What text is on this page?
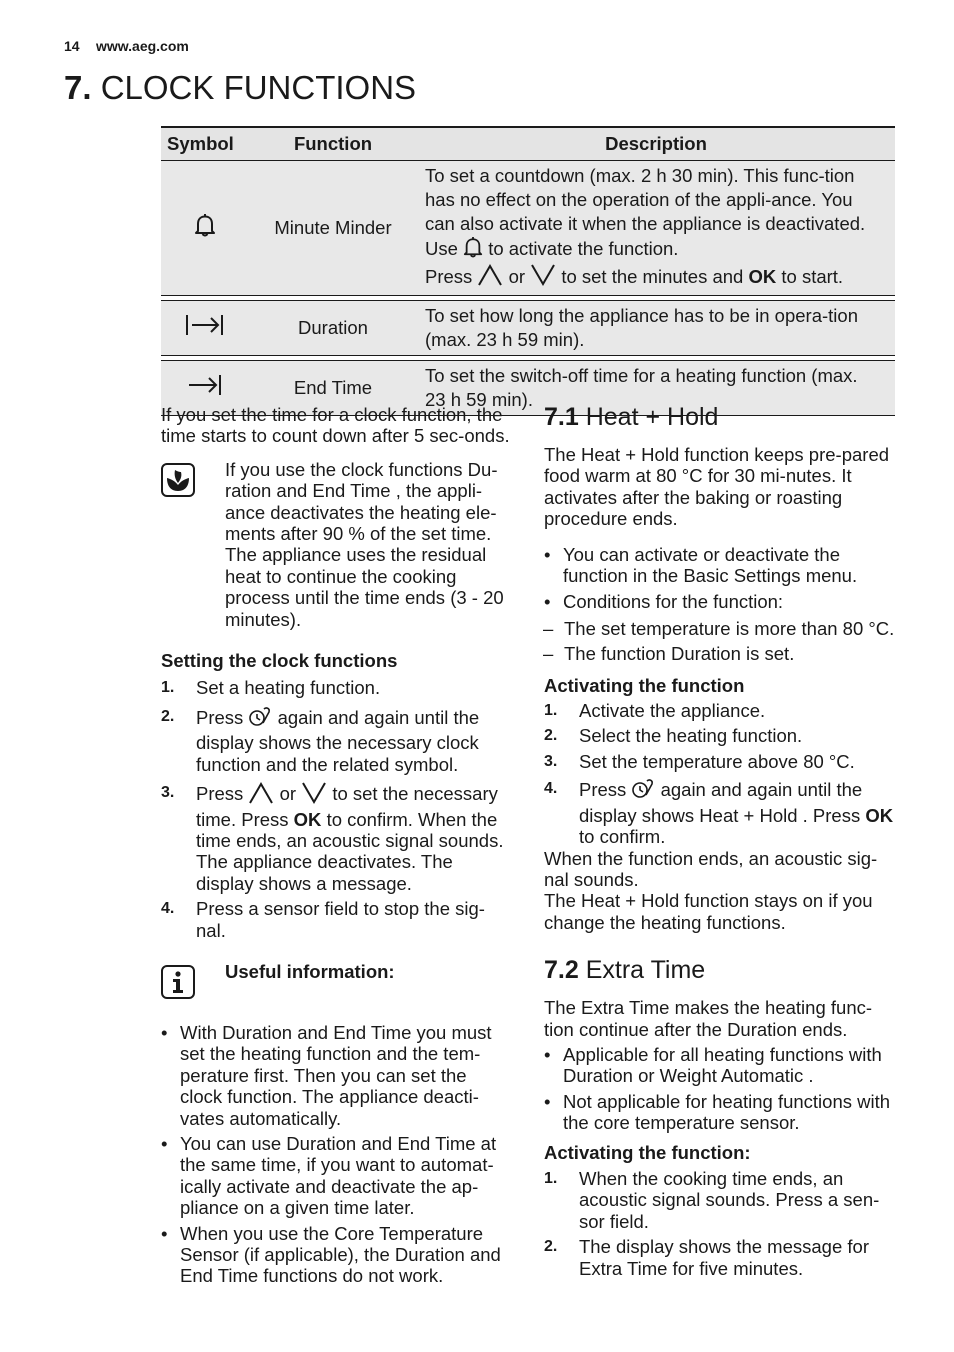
14 www.aeg.com
7. CLOCK FUNCTIONS
Symbol	Function	Description
	Minute Minder	To set a countdown (max. 2 h 30 min). This func-tion has no effect on the operation of the appli-ance. You can also activate it when the appliance is deactivated. Use to activate the function.
Press or to set the minutes and OK to start.

	Duration	To set how long the appliance has to be in opera-tion (max. 23 h 59 min).

	End Time	To set the switch-off time for a heating function (max. 23 h 59 min).

If you set the time for a clock function, the time starts to count down after 5 sec-onds.

If you use the clock functions Du-ration and End Time , the appli-ance deactivates the heating ele-ments after 90 % of the set time. The appliance uses the residual heat to continue the cooking process until the time ends (3 - 20 minutes).

Setting the clock functions

1. Set a heating function.
2. Press again and again until the display shows the necessary clock function and the related symbol.
3. Press or to set the necessary time. Press OK to confirm. When the time ends, an acoustic signal sounds. The appliance deactivates. The display shows a message.
4. Press a sensor field to stop the sig-nal.

Useful information:

• With Duration and End Time you must set the heating function and the tem-perature first. Then you can set the clock function. The appliance deacti-vates automatically.
• You can use Duration and End Time at the same time, if you want to automat-ically activate and deactivate the ap-pliance on a given time later.
• When you use the Core Temperature Sensor (if applicable), the Duration and End Time functions do not work.

7.1 Heat + Hold

The Heat + Hold function keeps pre-pared food warm at 80 °C for 30 mi-nutes. It activates after the baking or roasting procedure ends.

• You can activate or deactivate the function in the Basic Settings menu.
• Conditions for the function:
– The set temperature is more than 80 °C.
– The function Duration is set.

Activating the function

1. Activate the appliance.
2. Select the heating function.
3. Set the temperature above 80 °C.
4. Press again and again until the display shows Heat + Hold . Press OK to confirm.

When the function ends, an acoustic sig-nal sounds.

The Heat + Hold function stays on if you change the heating functions.

7.2 Extra Time

The Extra Time makes the heating func-tion continue after the Duration ends.

• Applicable for all heating functions with Duration or Weight Automatic .
• Not applicable for heating functions with the core temperature sensor.

Activating the function:

1. When the cooking time ends, an acoustic signal sounds. Press a sen-sor field.
2. The display shows the message for Extra Time for five minutes.
